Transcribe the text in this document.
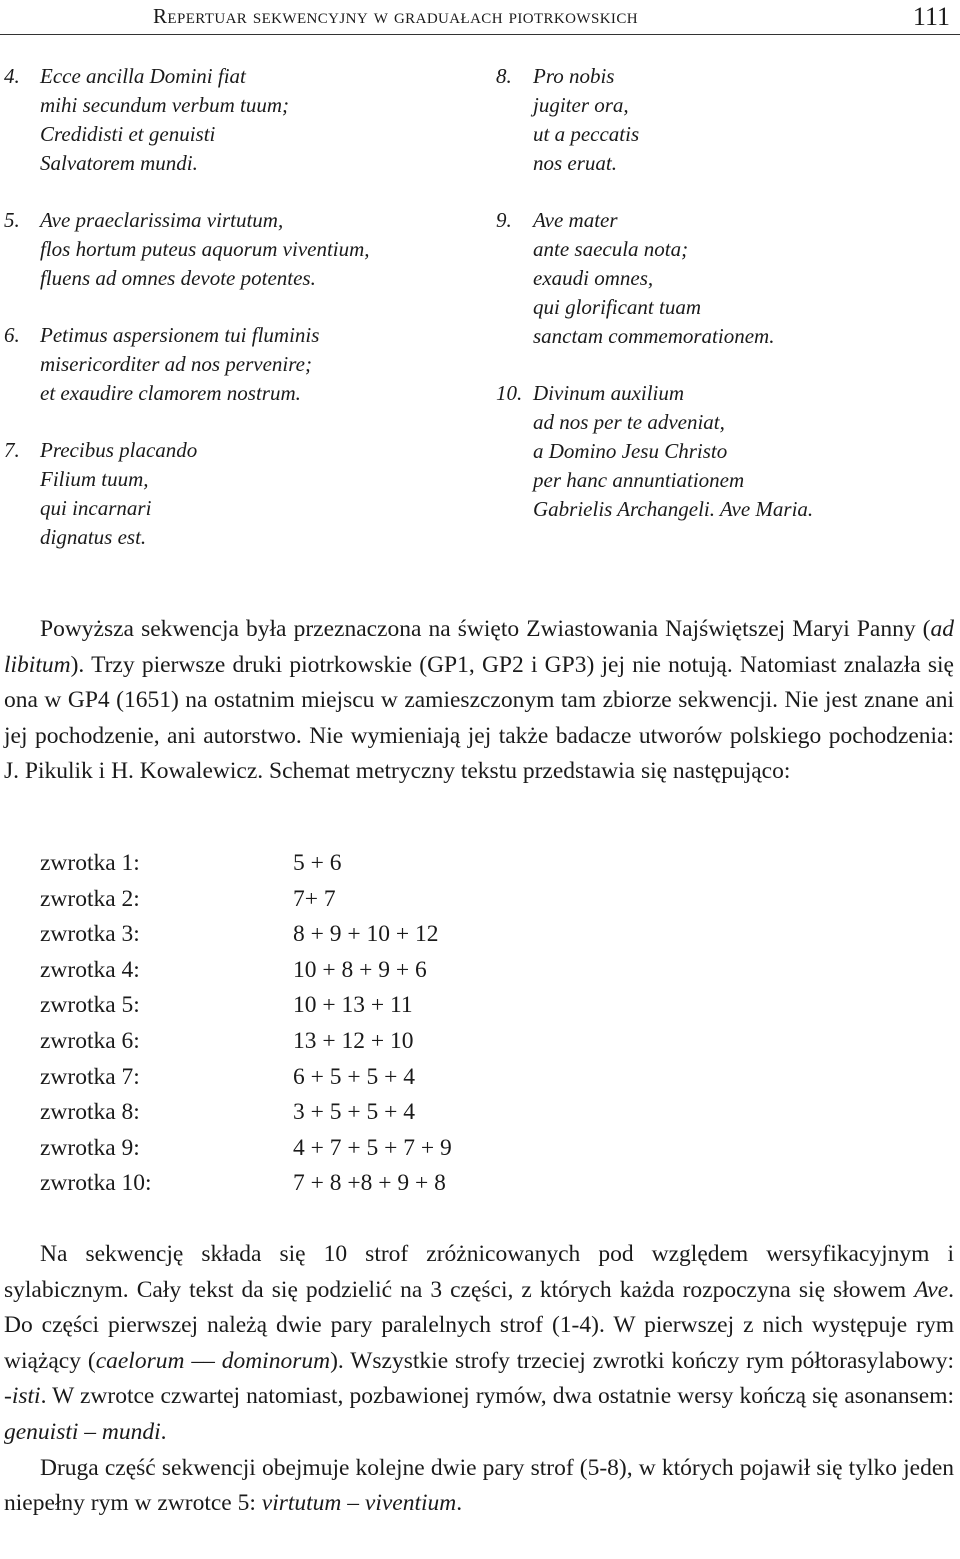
Repertuar sekwencyjny w graduałach piotrkowskich	111
4. Ecce ancilla Domini fiat
mihi secundum verbum tuum;
Credidisti et genuisti
Salvatorem mundi.
5. Ave praeclarissima virtutum,
flos hortum puteus aquorum viventium,
fluens ad omnes devote potentes.
6. Petimus aspersionem tui fluminis
misericorditer ad nos pervenire;
et exaudire clamorem nostrum.
7. Precibus placando
Filium tuum,
qui incarnari
dignatus est.
8. Pro nobis
jugiter ora,
ut a peccatis
nos eruat.
9. Ave mater
ante saecula nota;
exaudi omnes,
qui glorificant tuam
sanctam commemorationem.
10. Divinum auxilium
ad nos per te adveniat,
a Domino Jesu Christo
per hanc annuntiationem
Gabrielis Archangeli. Ave Maria.
Powyższa sekwencja była przeznaczona na święto Zwiastowania Najświętszej Maryi Panny (ad libitum). Trzy pierwsze druki piotrkowskie (GP1, GP2 i GP3) jej nie notują. Natomiast znalazła się ona w GP4 (1651) na ostatnim miejscu w zamieszczonym tam zbiorze sekwencji. Nie jest znane ani jej pochodzenie, ani autorstwo. Nie wymieniają jej także badacze utworów polskiego pochodzenia: J. Pikulik i H. Kowalewicz. Schemat metryczny tekstu przedstawia się następująco:
zwrotka 1:	5 + 6
zwrotka 2:	7+ 7
zwrotka 3:	8 + 9 + 10 + 12
zwrotka 4:	10 + 8 + 9 + 6
zwrotka 5:	10 + 13 + 11
zwrotka 6:	13 + 12 + 10
zwrotka 7:	6 + 5 + 5 + 4
zwrotka 8:	3 + 5 + 5 + 4
zwrotka 9:	4 + 7 + 5 + 7 + 9
zwrotka 10:	7 + 8 +8 + 9 + 8
Na sekwencję składa się 10 strof zróżnicowanych pod względem wersyfikacyjnym i sylabicznym. Cały tekst da się podzielić na 3 części, z których każda rozpoczyna się słowem Ave. Do części pierwszej należą dwie pary paralelnych strof (1-4). W pierwszej z nich występuje rym wiążący (caelorum –– dominorum). Wszystkie strofy trzeciej zwrotki kończy rym półtorasylabowy: -isti. W zwrotce czwartej natomiast, pozbawionej rymów, dwa ostatnie wersy kończą się asonansem: genuisti – mundi.
Druga część sekwencji obejmuje kolejne dwie pary strof (5-8), w których pojawił się tylko jeden niepełny rym w zwrotce 5: virtutum – viventium.
